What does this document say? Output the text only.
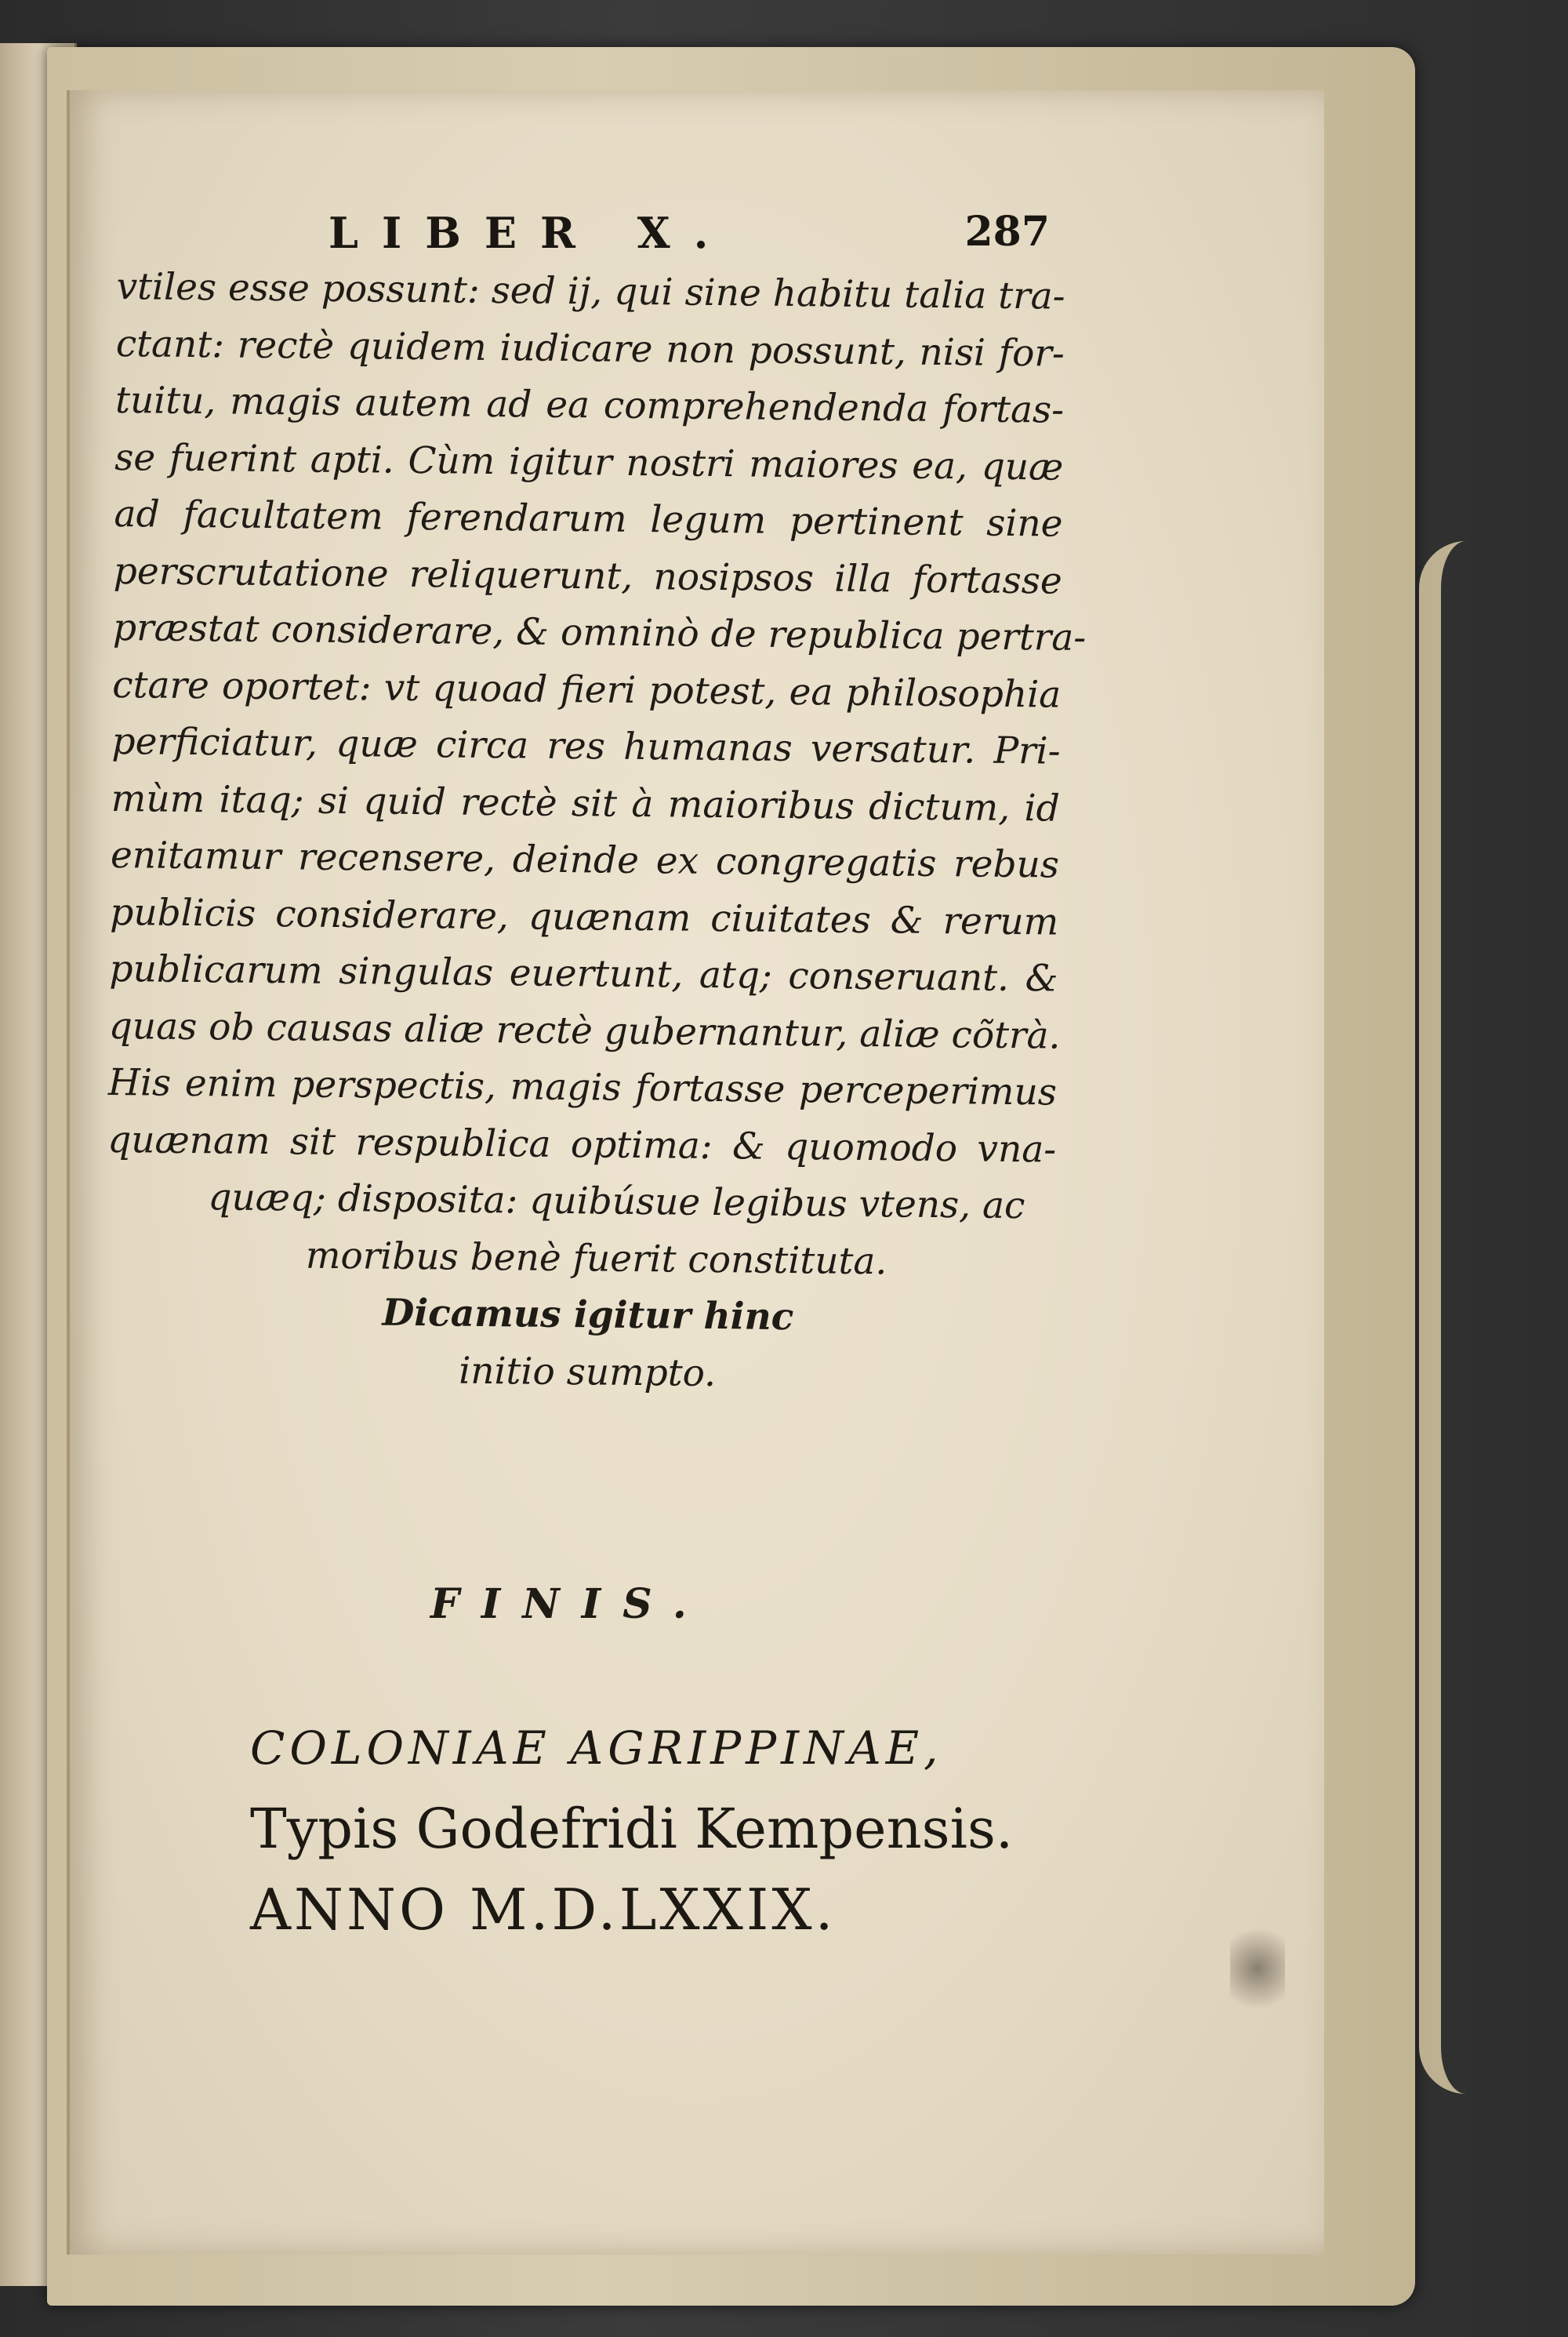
LIBER X.	287
vtiles esse possunt: sed ij, qui sine habitu talia tra-
ctant: rectè quidem iudicare non possunt, nisi for-
tuitu, magis autem ad ea comprehendenda fortas-
se fuerint apti. Cùm igitur nostri maiores ea, quæ
ad facultatem ferendarum legum pertinent sine
perscrutatione reliquerunt, nosipsos illa fortasse
præstat considerare, & omninò de republica pertra-
ctare oportet: vt quoad fieri potest, ea philosophia
perficiatur, quæ circa res humanas versatur. Pri-
mùm itaq; si quid rectè sit à maioribus dictum, id
enitamur recensere, deinde ex congregatis rebus
publicis considerare, quænam ciuitates & rerum
publicarum singulas euertunt, atq; conseruant. &
quas ob causas aliæ rectè gubernantur, aliæ cõtrà.
His enim perspectis, magis fortasse perceperimus
quænam sit respublica optima: & quomodo vna-
quæq; disposita: quibúsue legibus vtens, ac
moribus benè fuerit constituta.
Dicamus igitur hinc
initio sumpto.
FINIS.
COLONIAE AGRIPPINAE,
Typis Godefridi Kempensis.
ANNO M.D.LXXIX.
